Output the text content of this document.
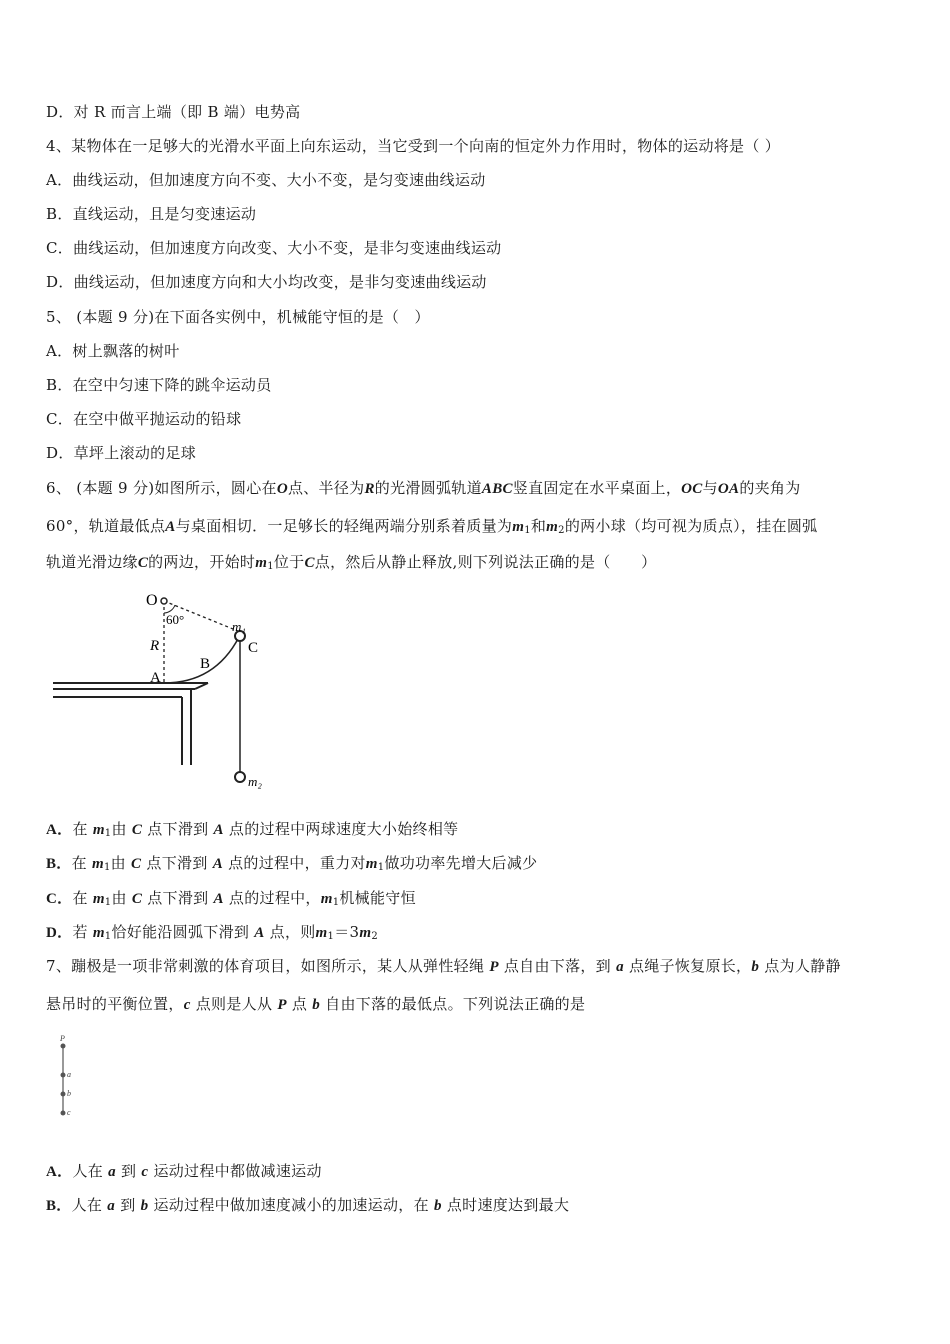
D．对 R 而言上端（即 B 端）电势高
4、某物体在一足够大的光滑水平面上向东运动，当它受到一个向南的恒定外力作用时，物体的运动将是（ ）
A．曲线运动，但加速度方向不变、大小不变，是匀变速曲线运动
B．直线运动，且是匀变速运动
C．曲线运动，但加速度方向改变、大小不变，是非匀变速曲线运动
D．曲线运动，但加速度方向和大小均改变，是非匀变速曲线运动
5、 (本题 9 分)在下面各实例中，机械能守恒的是（　）
A．树上飘落的树叶
B．在空中匀速下降的跳伞运动员
C．在空中做平抛运动的铅球
D．草坪上滚动的足球
6、 (本题 9 分)如图所示，圆心在O点、半径为R的光滑圆弧轨道ABC竖直固定在水平桌面上，OC与OA的夹角为
60°，轨道最低点A与桌面相切．一足够长的轻绳两端分别系着质量为$m_1$和$m_2$的两小球（均可视为质点），挂在圆弧
轨道光滑边缘C的两边，开始时$m_1$位于C点，然后从静止释放,则下列说法正确的是（　　）
O
60°
R
B
m₁
C
m₂
A
A．在 $m_1$由 C 点下滑到 A 点的过程中两球速度大小始终相等
B．在 $m_1$由 C 点下滑到 A 点的过程中，重力对$m_1$做功功率先增大后减少
C．在 $m_1$由 C 点下滑到 A 点的过程中，$m_1$机械能守恒
D．若 $m_1$恰好能沿圆弧下滑到 A 点，则$m_1=3m_2$
7、蹦极是一项非常刺激的体育项目，如图所示，某人从弹性轻绳 P 点自由下落，到 a 点绳子恢复原长，b 点为人静静
悬吊时的平衡位置，c 点则是人从 P 点 b 自由下落的最低点。下列说法正确的是
P
a
b
c
A．人在 a 到 c 运动过程中都做减速运动
B．人在 a 到 b 运动过程中做加速度减小的加速运动，在 b 点时速度达到最大
